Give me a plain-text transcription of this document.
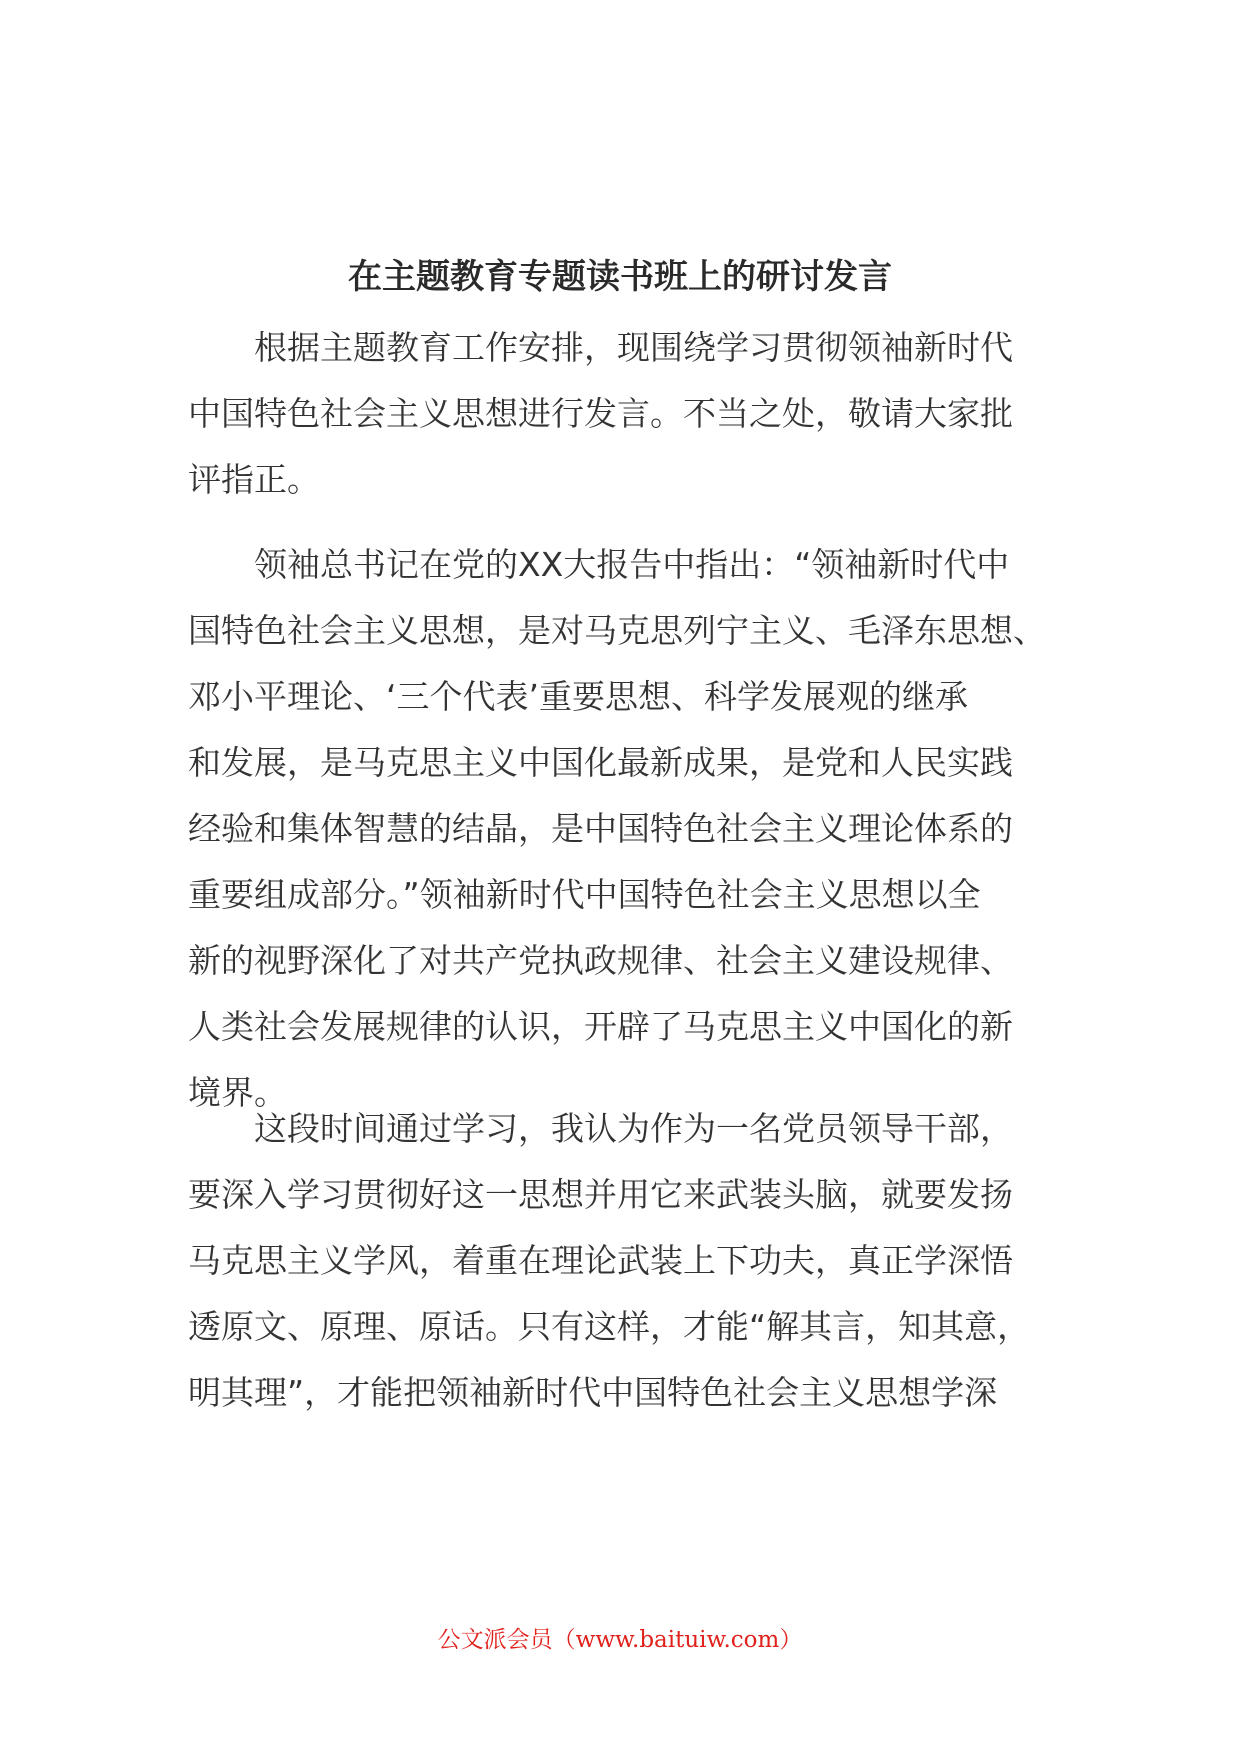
在主题教育专题读书班上的研讨发言
根据主题教育工作安排，现围绕学习贯彻领袖新时代
中国特色社会主义思想进行发言。不当之处，敬请大家批
评指正。
领袖总书记在党的XX大报告中指出：“领袖新时代中
国特色社会主义思想，是对马克思列宁主义、毛泽东思想、
邓小平理论、‘三个代表’重要思想、科学发展观的继承
和发展，是马克思主义中国化最新成果，是党和人民实践
经验和集体智慧的结晶，是中国特色社会主义理论体系的
重要组成部分。”领袖新时代中国特色社会主义思想以全
新的视野深化了对共产党执政规律、社会主义建设规律、
人类社会发展规律的认识，开辟了马克思主义中国化的新
境界。
这段时间通过学习，我认为作为一名党员领导干部，
要深入学习贯彻好这一思想并用它来武装头脑，就要发扬
马克思主义学风，着重在理论武装上下功夫，真正学深悟
透原文、原理、原话。只有这样，才能“解其言，知其意，
明其理”，才能把领袖新时代中国特色社会主义思想学深
公文派会员（www.baituiw.com）
